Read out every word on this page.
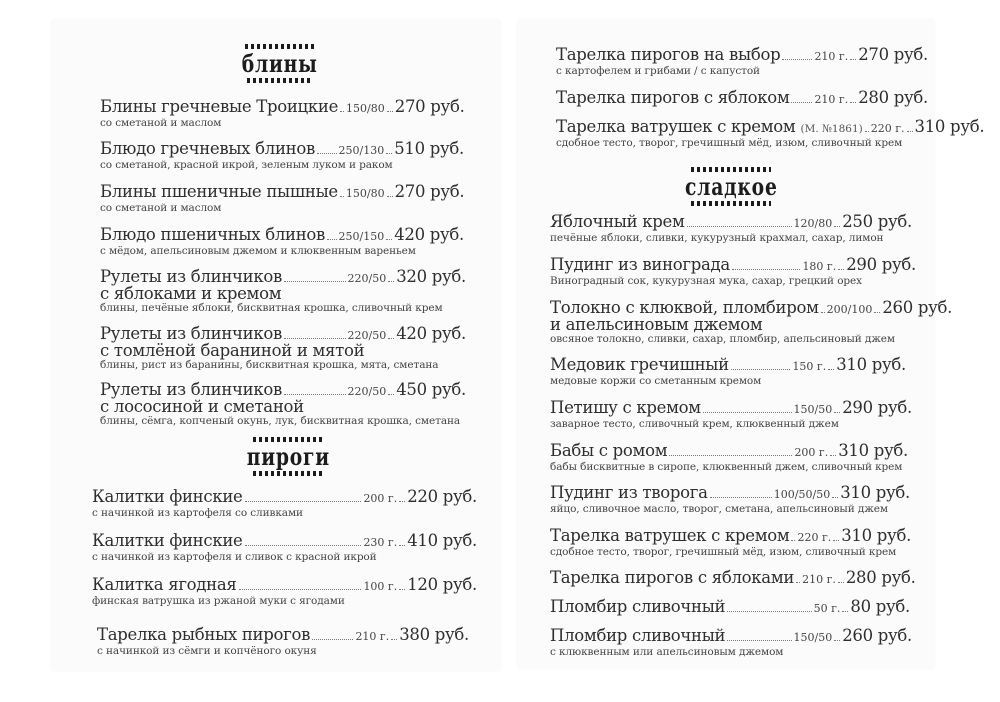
блины
пироги
сладкое
Блины гречневые Троицкие 150/80 270 руб.
со сметаной и маслом
Блюдо гречневых блинов 250/130 510 руб.
со сметаной, красной икрой, зеленым луком и раком
Блины пшеничные пышные 150/80 270 руб.
со сметаной и маслом
Блюдо пшеничных блинов 250/150 420 руб.
с мёдом, апельсиновым джемом и клюквенным вареньем
Рулеты из блинчиков	220/50 320 руб.
с яблоками и кремом
блины, печёные яблоки, бисквитная крошка, сливочный крем
Рулеты из блинчиков	220/50 420 руб.
с томлёной бараниной и мятой
блины, рист из баранины, бисквитная крошка, мята, сметана
Рулеты из блинчиков	220/50 450 руб.
с лососиной и сметаной
блины, сёмга, копченый окунь, лук, бисквитная крошка, сметана
Калитки финские	200 г. 220 руб.
с начинкой из картофеля со сливками
Калитки финские	230 г. 410 руб.
с начинкой из картофеля и сливок с красной икрой
Калитка ягодная	100 г. 120 руб.
финская ватрушка из ржаной муки с ягодами
Тарелка рыбных пирогов	210 г. 380 руб.
с начинкой из сёмги и копчёного окуня
Тарелка пирогов на выбор	210 г. 270 руб.
с картофелем и грибами / с капустой
Тарелка пирогов с яблоком 210 г. 280 руб.
Тарелка ватрушек с кремом (М. №1861) 220 г. 310 руб.
сдобное тесто, творог, гречишный мёд, изюм, сливочный крем
Яблочный крем	120/80 250 руб.
печёные яблоки, сливки, кукурузный крахмал, сахар, лимон
Пудинг из винограда	180 г. 290 руб.
Виноградный сок, кукурузная мука, сахар, грецкий орех
Толокно с клюквой, пломбиром 200/100 260 руб.
и апельсиновым джемом
овсяное толокно, сливки, сахар, пломбир, апельсиновый джем
Медовик гречишный	150 г. 310 руб.
медовые коржи со сметанным кремом
Петишу с кремом	150/50 290 руб.
заварное тесто, сливочный крем, клюквенный джем
Бабы с ромом	200 г. 310 руб.
бабы бисквитные в сиропе, клюквенный джем, сливочный крем
Пудинг из творога	100/50/50 310 руб.
яйцо, сливочное масло, творог, сметана, апельсиновый джем
Тарелка ватрушек с кремом 220 г. 310 руб.
сдобное тесто, творог, гречишный мёд, изюм, сливочный крем
Тарелка пирогов с яблоками 210 г. 280 руб.
Пломбир сливочный	50 г. 80 руб.
Пломбир сливочный	150/50 260 руб.
с клюквенным или апельсиновым джемом
